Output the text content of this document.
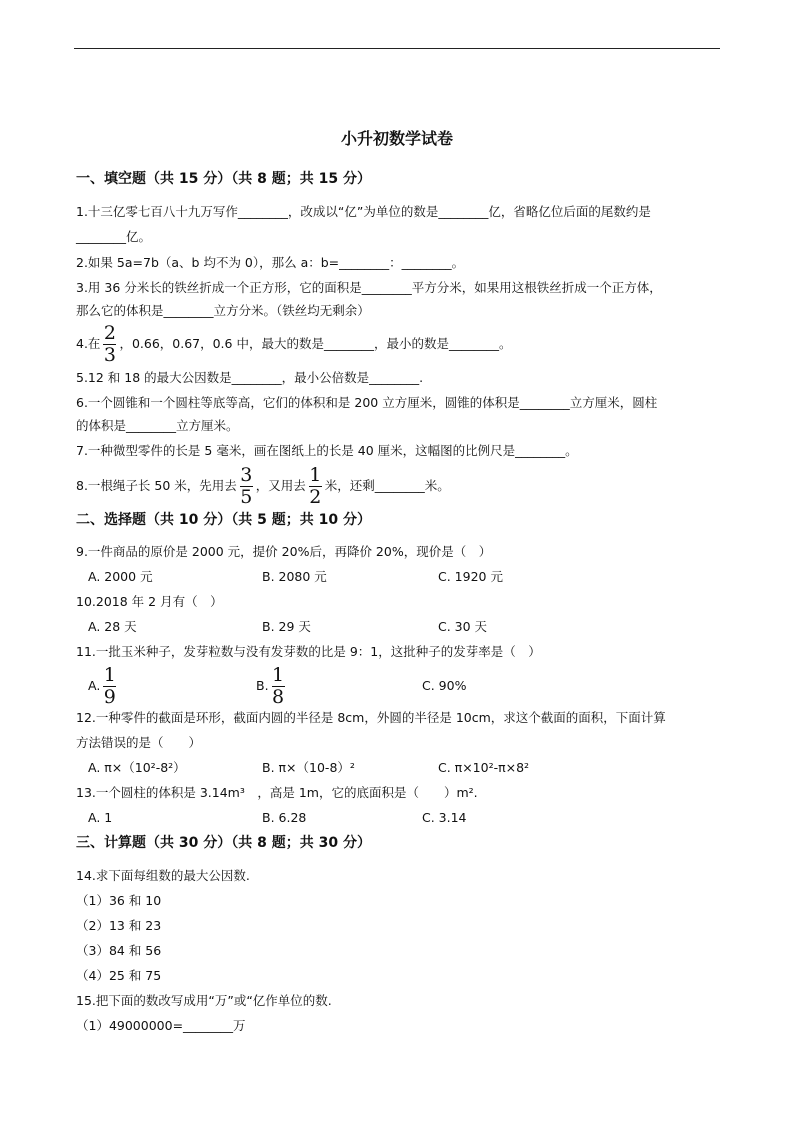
小升初数学试卷
一、填空题（共 15 分）（共 8 题；共 15 分）
1.十三亿零七百八十九万写作________，改成以“亿”为单位的数是________亿，省略亿位后面的尾数约是
________亿。
2.如果 5a=7b（a、b 均不为 0），那么 a：b=________：________。
3.用 36 分米长的铁丝折成一个正方形，它的面积是________平方分米，如果用这根铁丝折成一个正方体，
那么它的体积是________立方分米。（铁丝均无剩余）
4.在 $\frac{2}{3}$ ，0.66，0.67，0.6 中，最大的数是________，最小的数是________。
5.12 和 18 的最大公因数是________，最小公倍数是________.
6.一个圆锥和一个圆柱等底等高，它们的体积和是 200 立方厘米，圆锥的体积是________立方厘米，圆柱
的体积是________立方厘米。
7.一种微型零件的长是 5 毫米，画在图纸上的长是 40 厘米，这幅图的比例尺是________。
8.一根绳子长 50 米，先用去 $\frac{3}{5}$ ，又用去 $\frac{1}{2}$ 米，还剩________米。
二、选择题（共 10 分）（共 5 题；共 10 分）
9.一件商品的原价是 2000 元，提价 20%后，再降价 20%，现价是（　）
A. 2000 元	B. 2080 元	C. 1920 元
10.2018 年 2 月有（　）
A. 28 天	B. 29 天	C. 30 天
11.一批玉米种子，发芽粒数与没有发芽数的比是 9：1，这批种子的发芽率是（　）
A. $\frac{1}{9}$	B. $\frac{1}{8}$	C. 90%
12.一种零件的截面是环形，截面内圆的半径是 8cm，外圆的半径是 10cm，求这个截面的面积，下面计算
方法错误的是（　　）
A. π×（10²-8²）	B. π×（10-8）²	C. π×10²-π×8²
13.一个圆柱的体积是 3.14m³　，高是 1m，它的底面积是（　　）m².
A. 1	B. 6.28	C. 3.14
三、计算题（共 30 分）（共 8 题；共 30 分）
14.求下面每组数的最大公因数.
（1）36 和 10
（2）13 和 23
（3）84 和 56
（4）25 和 75
15.把下面的数改写成用“万”或“亿作单位的数.
（1）49000000=________万
